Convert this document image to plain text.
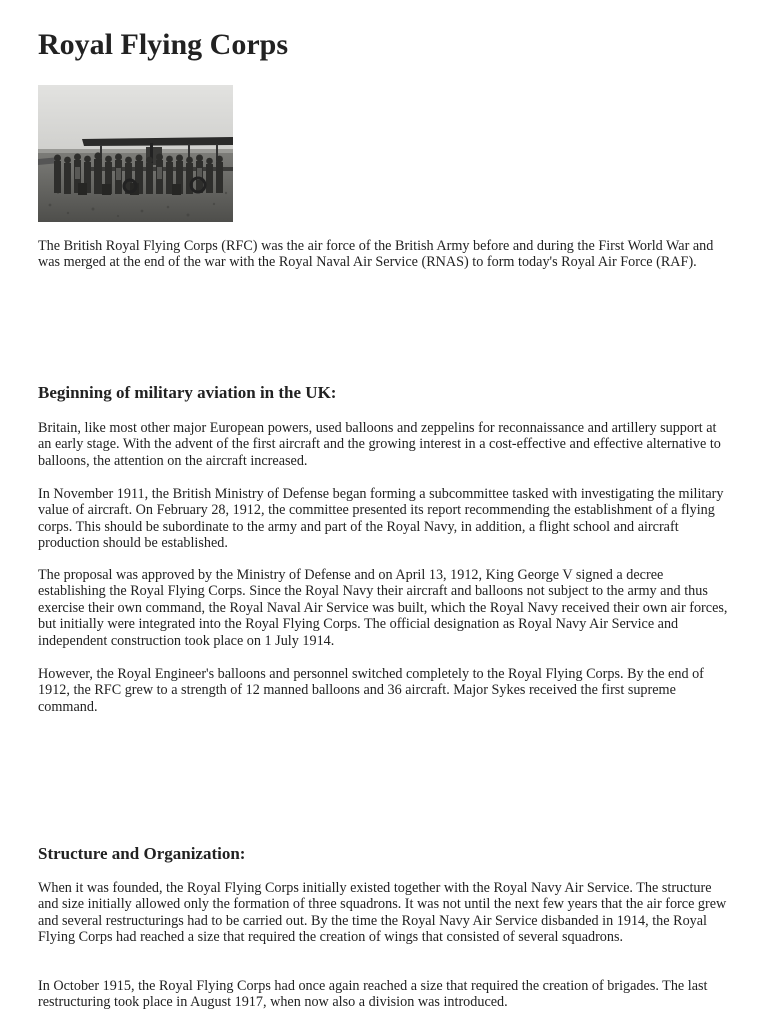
Royal Flying Corps

The British Royal Flying Corps (RFC) was the air force of the British Army before and during the First World War and was merged at the end of the war with the Royal Naval Air Service (RNAS) to form today's Royal Air Force (RAF).

Beginning of military aviation in the UK:

Britain, like most other major European powers, used balloons and zeppelins for reconnaissance and artillery support at an early stage. With the advent of the first aircraft and the growing interest in a cost-effective and effective alternative to balloons, the attention on the aircraft increased.

In November 1911, the British Ministry of Defense began forming a subcommittee tasked with investigating the military value of aircraft. On February 28, 1912, the committee presented its report recommending the establishment of a flying corps. This should be subordinate to the army and part of the Royal Navy, in addition, a flight school and aircraft production should be established.

The proposal was approved by the Ministry of Defense and on April 13, 1912, King George V signed a decree establishing the Royal Flying Corps. Since the Royal Navy their aircraft and balloons not subject to the army and thus exercise their own command, the Royal Naval Air Service was built, which the Royal Navy received their own air forces, but initially were integrated into the Royal Flying Corps. The official designation as Royal Navy Air Service and independent construction took place on 1 July 1914.

However, the Royal Engineer's balloons and personnel switched completely to the Royal Flying Corps. By the end of 1912, the RFC grew to a strength of 12 manned balloons and 36 aircraft. Major Sykes received the first supreme command.

Structure and Organization:

When it was founded, the Royal Flying Corps initially existed together with the Royal Navy Air Service. The structure and size initially allowed only the formation of three squadrons. It was not until the next few years that the air force grew and several restructurings had to be carried out. By the time the Royal Navy Air Service disbanded in 1914, the Royal Flying Corps had reached a size that required the creation of wings that consisted of several squadrons.

In October 1915, the Royal Flying Corps had once again reached a size that required the creation of brigades. The last restructuring took place in August 1917, when now also a division was introduced.
